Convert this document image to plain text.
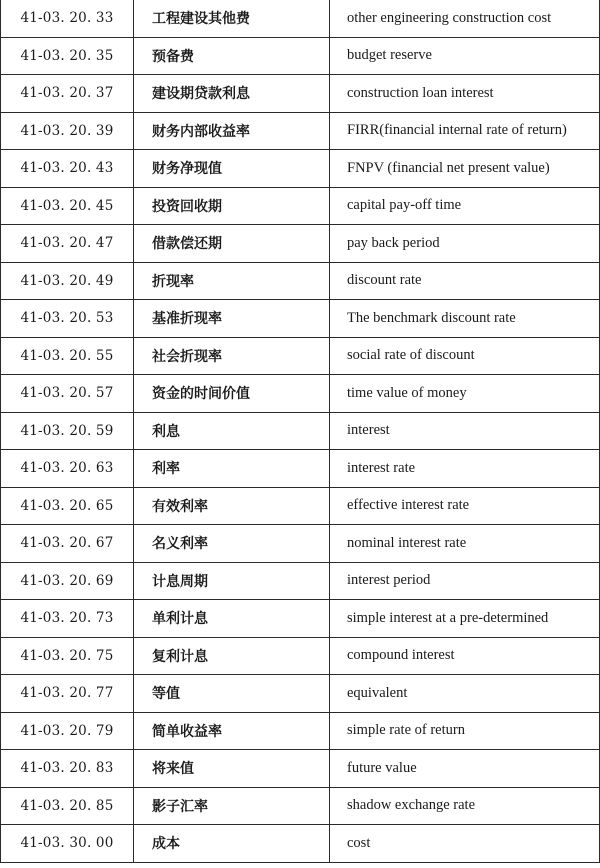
41-03. 20. 33	工程建设其他费	other engineering construction cost
41-03. 20. 35	预备费	budget reserve
41-03. 20. 37	建设期贷款利息	construction loan interest
41-03. 20. 39	财务内部收益率	FIRR(financial internal rate of return)
41-03. 20. 43	财务净现值	FNPV (financial net present value)
41-03. 20. 45	投资回收期	capital pay-off time
41-03. 20. 47	借款偿还期	pay back period
41-03. 20. 49	折现率	discount rate
41-03. 20. 53	基准折现率	The benchmark discount rate
41-03. 20. 55	社会折现率	social rate of discount
41-03. 20. 57	资金的时间价值	time value of money
41-03. 20. 59	利息	interest
41-03. 20. 63	利率	interest rate
41-03. 20. 65	有效利率	effective interest rate
41-03. 20. 67	名义利率	nominal interest rate
41-03. 20. 69	计息周期	interest period
41-03. 20. 73	单利计息	simple interest at a pre-determined
41-03. 20. 75	复利计息	compound interest
41-03. 20. 77	等值	equivalent
41-03. 20. 79	简单收益率	simple rate of return
41-03. 20. 83	将来值	future value
41-03. 20. 85	影子汇率	shadow exchange rate
41-03. 30. 00	成本	cost
